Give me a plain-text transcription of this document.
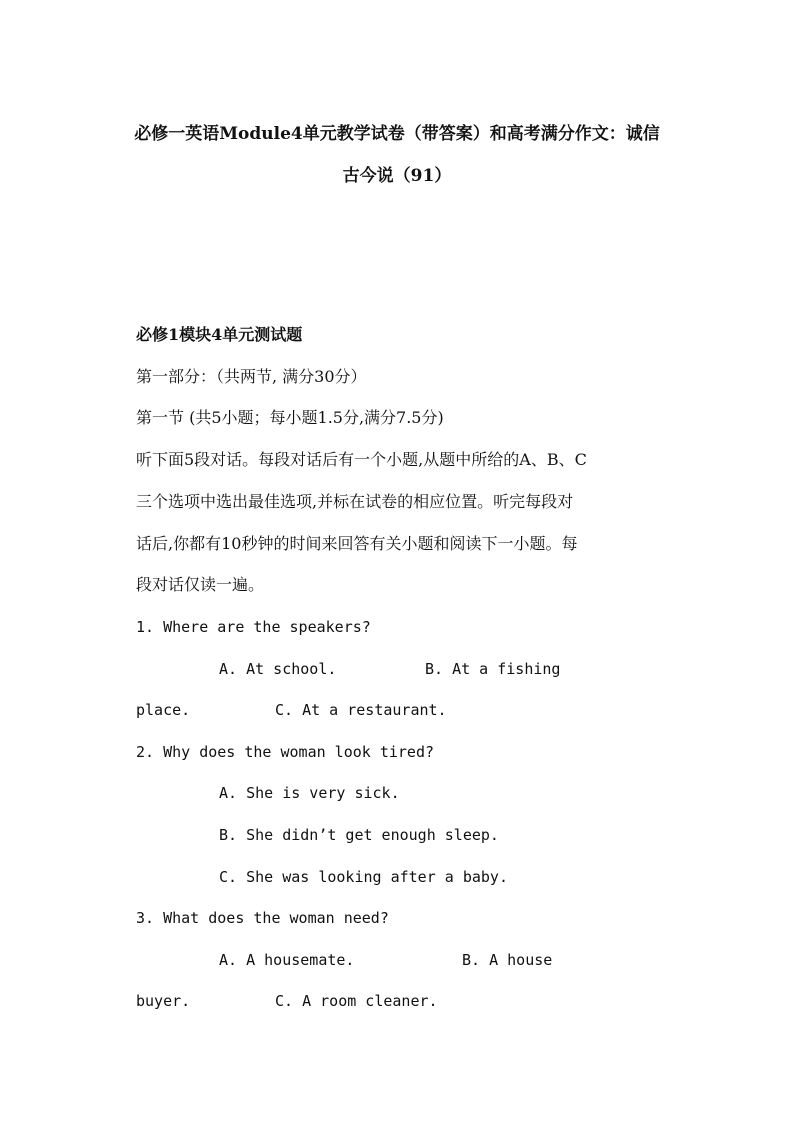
必修一英语Module4单元教学试卷（带答案）和高考满分作文：诚信
古今说（91）
必修1模块4单元测试题
第一部分：（共两节, 满分30分）
第一节 (共5小题；每小题1.5分,满分7.5分)
听下面5段对话。每段对话后有一个小题,从题中所给的A、B、C
三个选项中选出最佳选项,并标在试卷的相应位置。听完每段对
话后,你都有10秒钟的时间来回答有关小题和阅读下一小题。每
段对话仅读一遍。
1. Where are the speakers?
A. At school.	B. At a fishing
place.	C. At a restaurant.
2. Why does the woman look tired?
A. She is very sick.
B. She didn’t get enough sleep.
C. She was looking after a baby.
3. What does the woman need?
A. A housemate.	B. A house
buyer.	C. A room cleaner.
